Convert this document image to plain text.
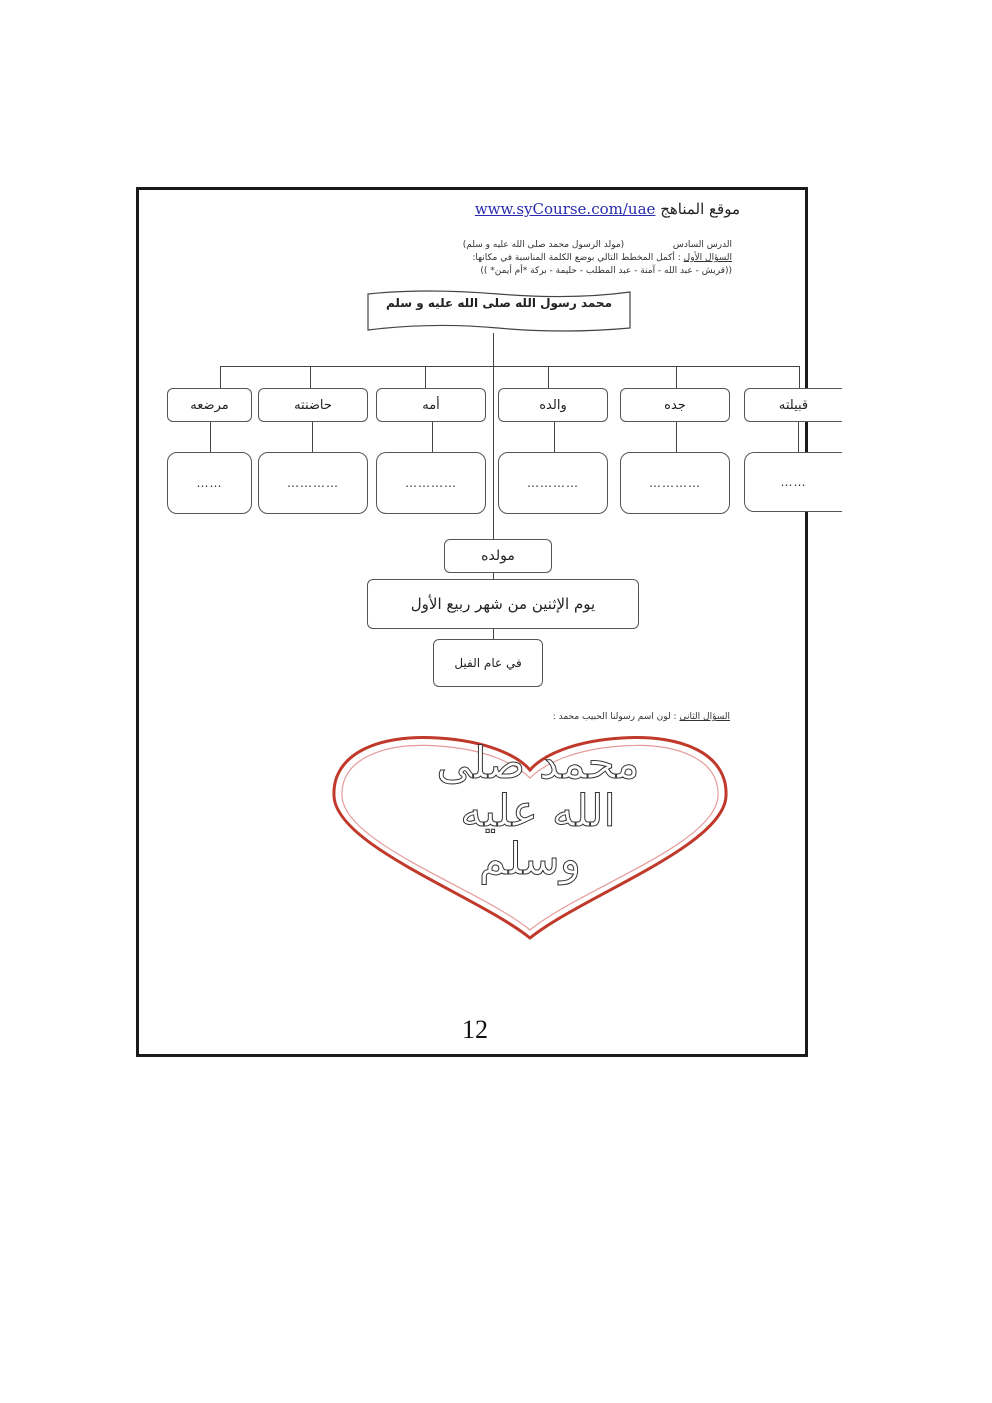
موقع المناهج www.syCourse.com/uae
الدرس السادس                 (مولد الرسول محمد صلى الله عليه و سلم)
السؤال الأول : أكمل المخطط التالي بوضع الكلمة المناسبة في مكانها:
((قريش - عبد الله - آمنة - عبد المطلب - حليمة - بركة *أم أيمن* ))
محمد رسول الله صلى الله عليه و سلم
مرضعه	حاضنته	أمه	والده	جده	قبيلته
……	…………	…………	…………	…………	……
مولده
يوم الإثنين من شهر ربيع الأول
في عام الفيل
السؤال الثاني : لون اسم رسولنا الحبيب محمد :
محمد صلى
الله عليه
وسلم
12
